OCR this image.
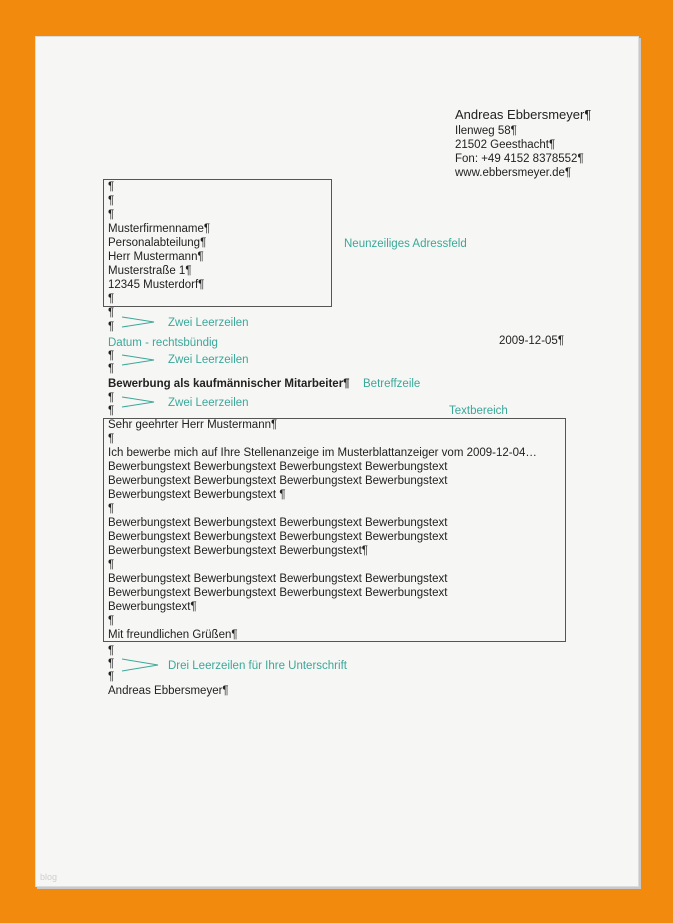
Andreas Ebbersmeyer¶
Ilenweg 58¶
21502 Geesthacht¶
Fon: +49 4152 8378552¶
www.ebbersmeyer.de¶
¶
¶
¶
Musterfirmenname¶
Personalabteilung¶
Herr Mustermann¶
Musterstraße 1¶
12345 Musterdorf¶
¶
Neunzeiliges Adressfeld
¶
¶	Zwei Leerzeilen
Datum - rechtsbündig	2009-12-05¶
¶
¶
Zwei Leerzeilen
Bewerbung als kaufmännischer Mitarbeiter¶ Betreffzeile
¶
¶
Zwei Leerzeilen
Textbereich
Sehr geehrter Herr Mustermann¶
¶
Ich bewerbe mich auf Ihre Stellenanzeige im Musterblattanzeiger vom 2009-12-04…
Bewerbungstext Bewerbungstext Bewerbungstext Bewerbungstext
Bewerbungstext Bewerbungstext Bewerbungstext Bewerbungstext
Bewerbungstext Bewerbungstext ¶
¶
Bewerbungstext Bewerbungstext Bewerbungstext Bewerbungstext
Bewerbungstext Bewerbungstext Bewerbungstext Bewerbungstext
Bewerbungstext Bewerbungstext Bewerbungstext¶
¶
Bewerbungstext Bewerbungstext Bewerbungstext Bewerbungstext
Bewerbungstext Bewerbungstext Bewerbungstext Bewerbungstext
Bewerbungstext¶
¶
Mit freundlichen Grüßen¶
¶
¶
¶
Drei Leerzeilen für Ihre Unterschrift
Andreas Ebbersmeyer¶
blog
